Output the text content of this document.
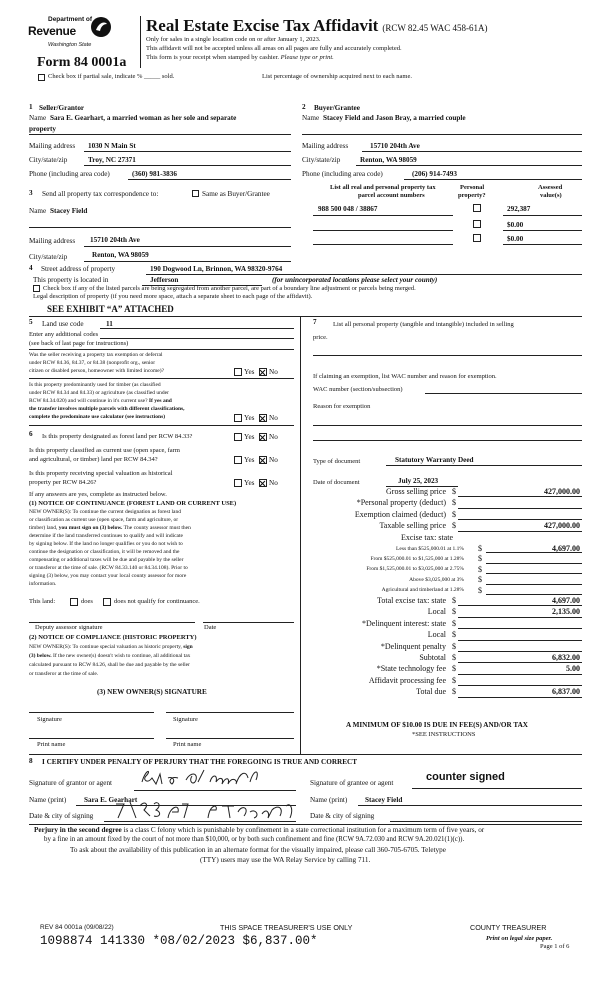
Department of
Revenue
Washington State
Real Estate Excise Tax Affidavit (RCW 82.45 WAC 458-61A)
Only for sales in a single location code on or after January 1, 2023.
This affidavit will not be accepted unless all areas on all pages are fully and accurately completed.
This form is your receipt when stamped by cashier. Please type or print.
Form 84 0001a
Check box if partial sale, indicate % _____ sold.	List percentage of ownership acquired next to each name.
1 Seller/Grantor
Name Sara E. Gearhart, a married woman as her sole and separate
property
Mailing address 1030 N Main St
City/state/zip	Troy, NC 27371
Phone (including area code)	(360) 981-3836
2 Buyer/Grantee
Name Stacey Field and Jason Bray, a married couple
Mailing address	15710 204th Ave
City/state/zip	Renton, WA 98059
Phone (including area code)	(206) 914-7493
3 Send all property tax correspondence to:	Same as Buyer/Grantee
Name Stacey Field
Mailing address 15710 204th Ave
City/state/zip	Renton, WA 98059
List all real and personal property tax
parcel account numbers
Personal
property?
Assessed
value(s)
988 500 048 / 38867	292,387
$0.00
$0.00
4 Street address of property	190 Dogwood Ln, Brinnon, WA 98320-9764
This property is located in	Jefferson	(for unincorporated locations please select your county)
Check box if any of the listed parcels are being segregated from another parcel, are part of a boundary line adjustment or parcels being merged.
Legal description of property (if you need more space, attach a separate sheet to each page of the affidavit).
SEE EXHIBIT “A” ATTACHED
5 Land use code	11
Enter any additional codes
(see back of last page for instructions)
Was the seller receiving a property tax exemption or deferral
under RCW 84.36, 84.37, or 84.38 (nonprofit org., senior
citizen or disabled person, homeowner with limited income)?	Yes No
Is this property predominantly used for timber (as classified
under RCW 84.34 and 84.33) or agriculture (as classified under
RCW 84.34.020) and will continue in it's current use? If yes and
the transfer involves multiple parcels with different classifications,
complete the predominate use calculator (see instructions)	Yes No
6 Is this property designated as forest land per RCW 84.33?	Yes No
Is this property classified as current use (open space, farm
and agricultural, or timber) land per RCW 84.34?	Yes No
Is this property receiving special valuation as historical
property per RCW 84.26?	Yes No
If any answers are yes, complete as instructed below.
(1) NOTICE OF CONTINUANCE (FOREST LAND OR CURRENT USE)
NEW OWNER(S): To continue the current designation as forest land
or classification as current use (open space, farm and agriculture, or
timber) land, you must sign on (3) below. The county assessor must then
determine if the land transferred continues to qualify and will indicate
by signing below. If the land no longer qualifies or you do not wish to
continue the designation or classification, it will be removed and the
compensating or additional taxes will be due and payable by the seller
or transferor at the time of sale. (RCW 84.33.140 or 84.34.108). Prior to
signing (3) below, you may contact your local county assessor for more
information.
This land:	does	does not qualify for continuance.
Deputy assessor signature	Date
(2) NOTICE OF COMPLIANCE (HISTORIC PROPERTY)
NEW OWNER(S): To continue special valuation as historic property, sign
(3) below. If the new owner(s) doesn't wish to continue, all additional tax
calculated pursuant to RCW 84.26, shall be due and payable by the seller
or transferor at the time of sale.
(3) NEW OWNER(S) SIGNATURE
Signature	Signature
Print name	Print name
7	List all personal property (tangible and intangible) included in selling
price.
If claiming an exemption, list WAC number and reason for exemption.
WAC number (section/subsection)
Reason for exemption
Type of document	Statutory Warranty Deed
Date of document	July 25, 2023
Gross selling price $	427,000.00
*Personal property (deduct) $
Exemption claimed (deduct) $
Taxable selling price $	427,000.00
Excise tax: state
Less than $525,000.01 at 1.1% $	4,697.00
From $525,000.01 to $1,525,000 at 1.28% $
From $1,525,000.01 to $3,025,000 at 2.75% $
Above $3,025,000 at 3% $
Agricultural and timberland at 1.28% $
Total excise tax: state $	4,697.00
Local $	2,135.00
*Delinquent interest: state $
Local $
*Delinquent penalty $
Subtotal $	6,832.00
*State technology fee $	5.00
Affidavit processing fee $
Total due $	6,837.00
A MINIMUM OF $10.00 IS DUE IN FEE(S) AND/OR TAX
*SEE INSTRUCTIONS
8 I CERTIFY UNDER PENALTY OF PERJURY THAT THE FOREGOING IS TRUE AND CORRECT
Signature of grantor or agent	Signature of grantee or agent	counter signed
Name (print) Sara E. Gearhart	Name (print) Stacey Field
Date & city of signing	Date & city of signing
Perjury in the second degree is a class C felony which is punishable by confinement in a state correctional institution for a maximum term of five years, or
by a fine in an amount fixed by the court of not more than $10,000, or by both such confinement and fine (RCW 9A.72.030 and RCW 9A.20.021(1)(c)).
To ask about the availability of this publication in an alternate format for the visually impaired, please call 360-705-6705. Teletype
(TTY) users may use the WA Relay Service by calling 711.
REV 84 0001a (09/08/22)	THIS SPACE TREASURER'S USE ONLY	COUNTY TREASURER
1098874 141330 *08/02/2023 $6,837.00*	Print on legal size paper.
Page 1 of 6
